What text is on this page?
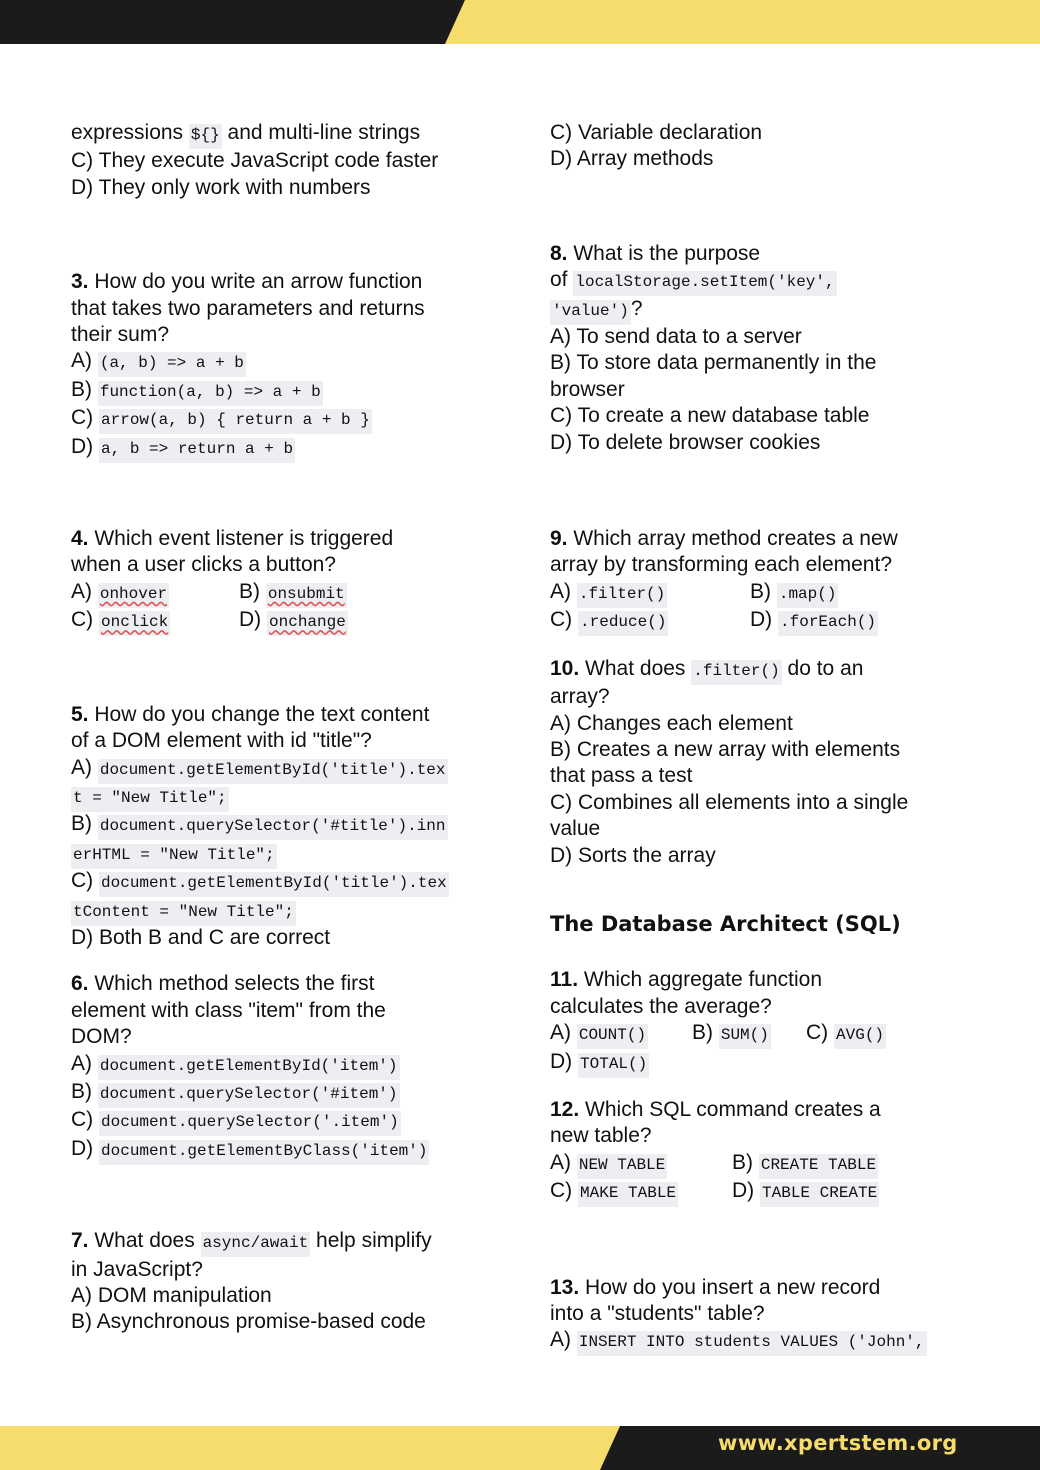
expressions ${} and multi-line strings
C) They execute JavaScript code faster
D) They only work with numbers
3. How do you write an arrow function
that takes two parameters and returns
their sum?
A) (a, b) => a + b
B) function(a, b) => a + b
C) arrow(a, b) { return a + b }
D) a, b => return a + b
4. Which event listener is triggered
when a user clicks a button?
A) onhover	B) onsubmit
C) onclick	D) onchange
5. How do you change the text content
of a DOM element with id "title"?
A) document.getElementById('title').tex
t = "New Title";
B) document.querySelector('#title').inn
erHTML = "New Title";
C) document.getElementById('title').tex
tContent = "New Title";
D) Both B and C are correct
6. Which method selects the first
element with class "item" from the
DOM?
A) document.getElementById('item')
B) document.querySelector('#item')
C) document.querySelector('.item')
D) document.getElementByClass('item')
7. What does async/await help simplify
in JavaScript?
A) DOM manipulation
B) Asynchronous promise-based code
C) Variable declaration
D) Array methods
8. What is the purpose
of localStorage.setItem('key',
'value')?
A) To send data to a server
B) To store data permanently in the
browser
C) To create a new database table
D) To delete browser cookies
9. Which array method creates a new
array by transforming each element?
A) .filter()	B) .map()
C) .reduce()	D) .forEach()
10. What does .filter() do to an
array?
A) Changes each element
B) Creates a new array with elements
that pass a test
C) Combines all elements into a single
value
D) Sorts the array
The Database Architect (SQL)
11. Which aggregate function
calculates the average?
A) COUNT() B) SUM() C) AVG()
D) TOTAL()
12. Which SQL command creates a
new table?
A) NEW TABLE	B) CREATE TABLE
C) MAKE TABLE	D) TABLE CREATE
13. How do you insert a new record
into a "students" table?
A) INSERT INTO students VALUES ('John',
www.xpertstem.org
